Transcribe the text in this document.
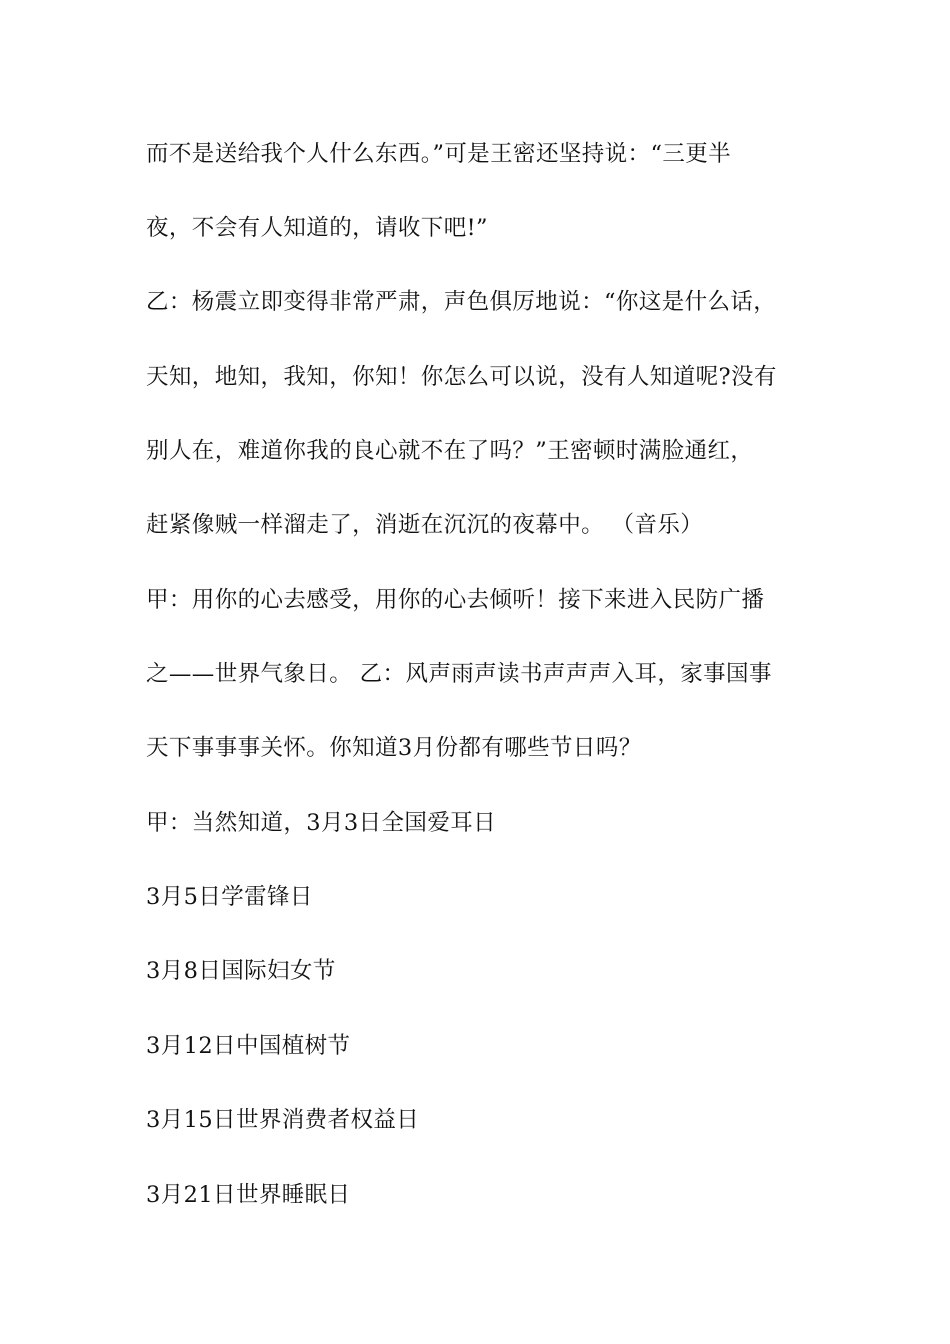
而不是送给我个人什么东西。”可是王密还坚持说：“三更半
夜，不会有人知道的，请收下吧!”
乙：杨震立即变得非常严肃，声色俱厉地说：“你这是什么话，
天知，地知，我知，你知！你怎么可以说，没有人知道呢?没有
别人在，难道你我的良心就不在了吗？”王密顿时满脸通红，
赶紧像贼一样溜走了，消逝在沉沉的夜幕中。 （音乐）
甲：用你的心去感受，用你的心去倾听！接下来进入民防广播
之——世界气象日。 乙：风声雨声读书声声声入耳，家事国事
天下事事事关怀。你知道3月份都有哪些节日吗？
甲：当然知道，3月3日全国爱耳日
3月5日学雷锋日
3月8日国际妇女节
3月12日中国植树节
3月15日世界消费者权益日
3月21日世界睡眠日
